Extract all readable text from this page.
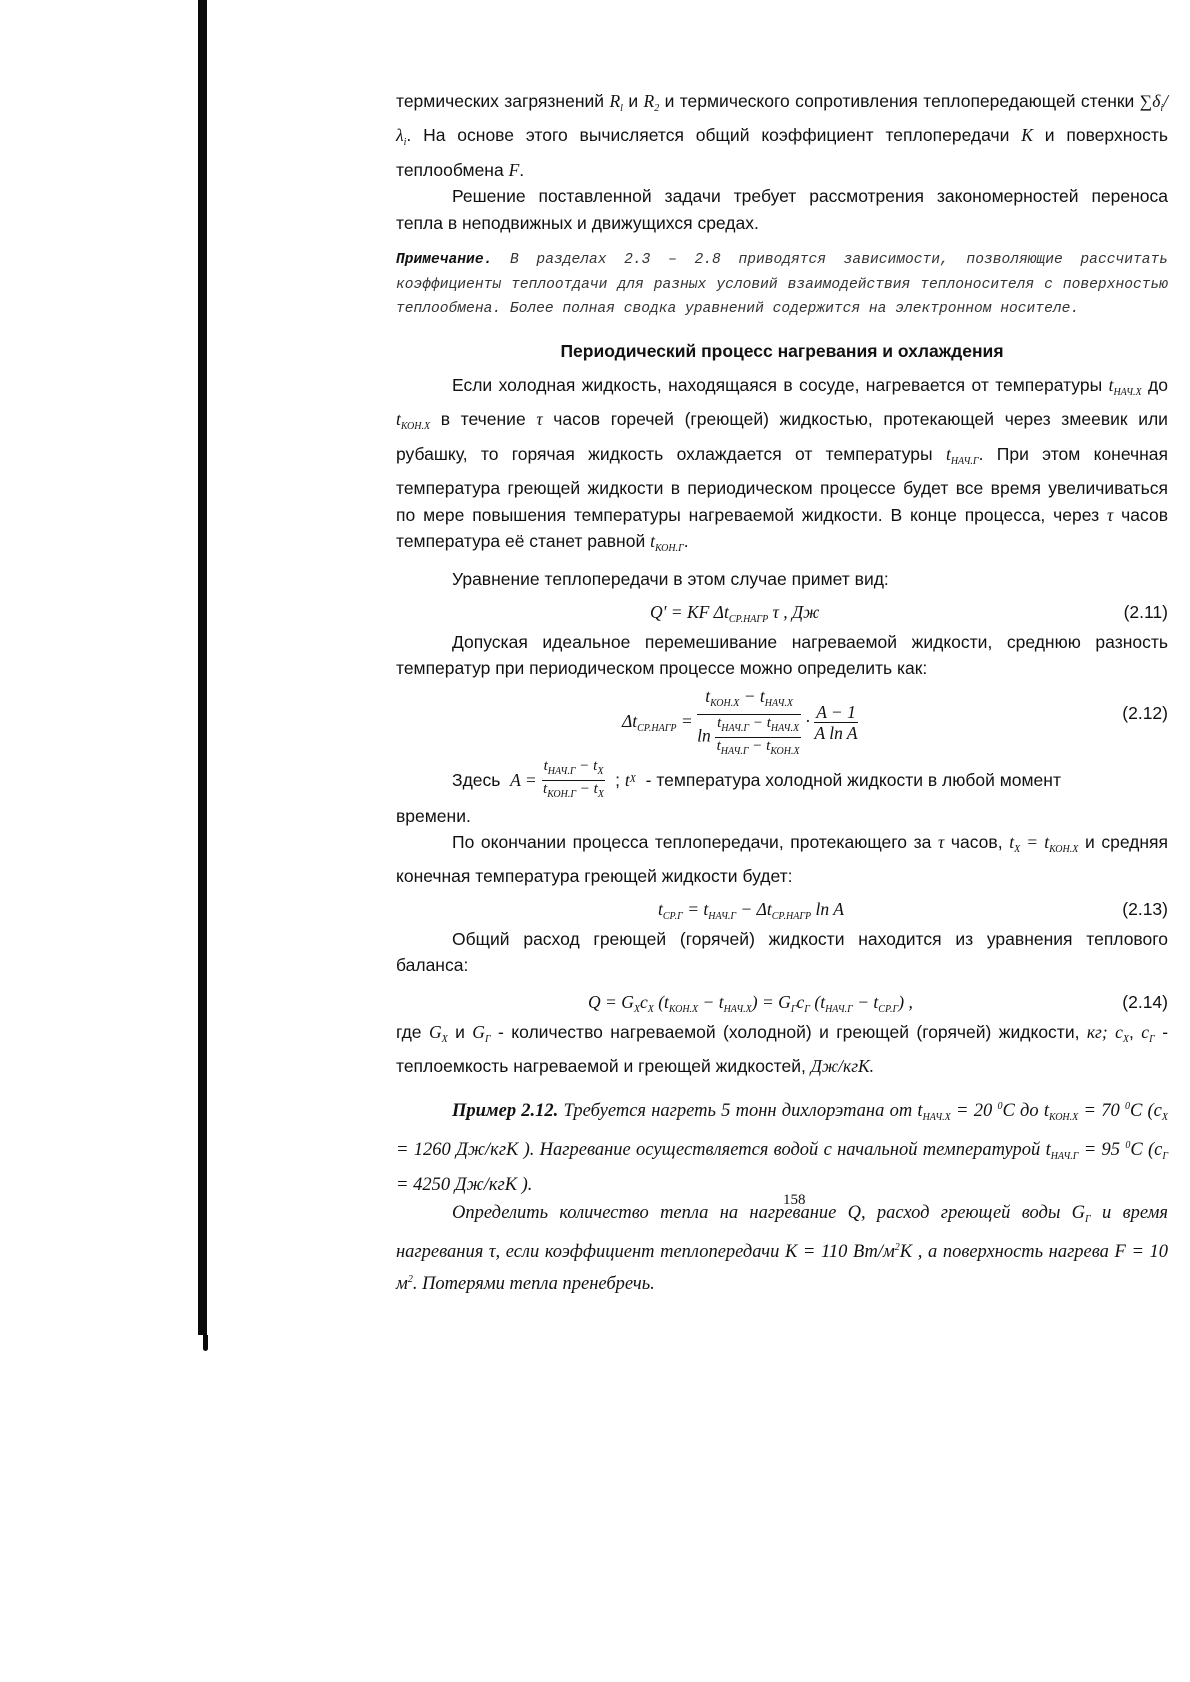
термических загрязнений $R_l$ и $R_2$ и термического сопротивления теплопередающей стенки $\sum\delta_i/\lambda_i$. На основе этого вычисляется общий коэффициент теплопередачи K и поверхность теплообмена F.

Решение поставленной задачи требует рассмотрения закономерностей переноса тепла в неподвижных и движущихся средах.

Примечание. В разделах 2.3 – 2.8 приводятся зависимости, позволяющие рассчитать коэффициенты теплоотдачи для разных условий взаимодействия теплоносителя с поверхностью теплообмена. Более полная сводка уравнений содержится на электронном носителе.

Периодический процесс нагревания и охлаждения

Если холодная жидкость, находящаяся в сосуде, нагревается от температуры $t_{НАЧ.Х}$ до $t_{КОН.Х}$ в течение τ часов горечей (греющей) жидкостью, протекающей через змеевик или рубашку, то горячая жидкость охлаждается от температуры $t_{НАЧ.Г}$. При этом конечная температура греющей жидкости в периодическом процессе будет все время увеличиваться по мере повышения температуры нагреваемой жидкости. В конце процесса, через τ часов температура её станет равной $t_{КОН.Г}$.

Уравнение теплопередачи в этом случае примет вид:

Q' = KF $\Delta t_{СР.НАГР}$ τ , Дж	(2.11)

Допуская идеальное перемешивание нагреваемой жидкости, среднюю разность температур при периодическом процессе можно определить как:

$\Delta t_{СР.НАГР}$ =
$t_{КОН.Х} - t_{НАЧ.Х}$
$\ln \frac{t_{НАЧ.Г} - t_{НАЧ.Х}}{t_{НАЧ.Г} - t_{КОН.Х}} \cdot \frac{A - 1}{\text{A ln A}}$	(2.12)
Здесь
A =
$\frac{t_{НАЧ.Г} - t_Х}{t_{КОН.Г} - t_Х}$
;
t Х
- температура холодной жидкости в любой момент

времени.

По окончании процесса теплопередачи, протекающего за τ часов, $t_Х = t_{КОН.Х}$ и средняя конечная температура греющей жидкости будет:

$t_{СР.Г} = t_{НАЧ.Г} - \Delta t_{СР.НАГР}$ ln A	(2.13)

Общий расход греющей (горячей) жидкости находится из уравнения теплового баланса:

$Q = G_Хc_Х$ $(t_{КОН.Х} - t_{НАЧ.Х}) = G_Гc_Г$ $(t_{НАЧ.Г} - t_{СР.Г})$ ,	(2.14)

где $G_Х$ и $G_Г$ - количество нагреваемой (холодной) и греющей (горячей) жидкости, кг; $c_Х$, $c_Г$ - теплоемкость нагреваемой и греющей жидкостей, Дж/кгК.

Пример 2.12. Требуется нагреть 5 тонн дихлорэтана от $t_{НАЧ.Х} = 20$ $^0$C до $t_{КОН.Х} = 70$ $^0$C ($c_Х = 1260$ Дж/кгК ). Нагревание осуществляется водой с начальной температурой $t_{НАЧ.Г} = 95$ $^0$C ($c_Г = 4250$ Дж/кгК ).

Определить количество тепла на нагревание Q, расход греющей воды $G_Г$ и время нагревания τ, если коэффициент теплопередачи K = 110 $Вт/м^2K$ , а поверхность нагрева F = 10 $м^2$. Потерями тепла пренебречь.

158
